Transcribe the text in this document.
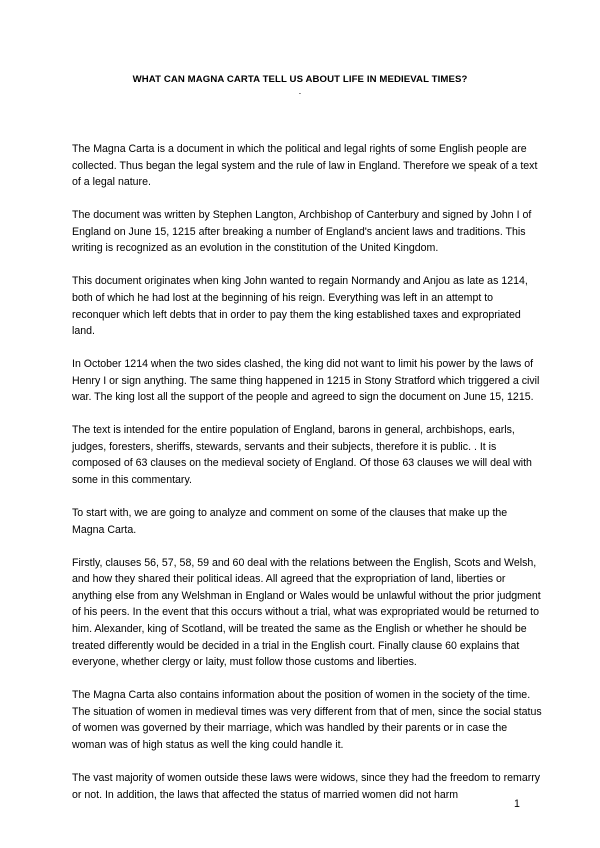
WHAT CAN MAGNA CARTA TELL US ABOUT LIFE IN MEDIEVAL TIMES?
.

The Magna Carta is a document in which the political and legal rights of some English people are collected. Thus began the legal system and the rule of law in England. Therefore we speak of a text of a legal nature.

The document was written by Stephen Langton, Archbishop of Canterbury and signed by John I of England on June 15, 1215 after breaking a number of England's ancient laws and traditions. This writing is recognized as an evolution in the constitution of the United Kingdom.

This document originates when king John wanted to regain Normandy and Anjou as late as 1214, both of which he had lost at the beginning of his reign. Everything was left in an attempt to reconquer which left debts that in order to pay them the king established taxes and expropriated land.

In October 1214 when the two sides clashed, the king did not want to limit his power by the laws of Henry I or sign anything. The same thing happened in 1215 in Stony Stratford which triggered a civil war. The king lost all the support of the people and agreed to sign the document on June 15, 1215.

The text is intended for the entire population of England, barons in general, archbishops, earls, judges, foresters, sheriffs, stewards, servants and their subjects, therefore it is public. . It is composed of 63 clauses on the medieval society of England. Of those 63 clauses we will deal with some in this commentary.

To start with, we are going to analyze and comment on some of the clauses that make up the Magna Carta.

Firstly, clauses 56, 57, 58, 59 and 60 deal with the relations between the English, Scots and Welsh, and how they shared their political ideas. All agreed that the expropriation of land, liberties or anything else from any Welshman in England or Wales would be unlawful without the prior judgment of his peers. In the event that this occurs without a trial, what was expropriated would be returned to him. Alexander, king of Scotland, will be treated the same as the English or whether he should be treated differently would be decided in a trial in the English court. Finally clause 60 explains that everyone, whether clergy or laity, must follow those customs and liberties.

The Magna Carta also contains information about the position of women in the society of the time. The situation of women in medieval times was very different from that of men, since the social status of women was governed by their marriage, which was handled by their parents or in case the woman was of high status as well the king could handle it.

The vast majority of women outside these laws were widows, since they had the freedom to remarry or not. In addition, the laws that affected the status of married women did not harm

1
